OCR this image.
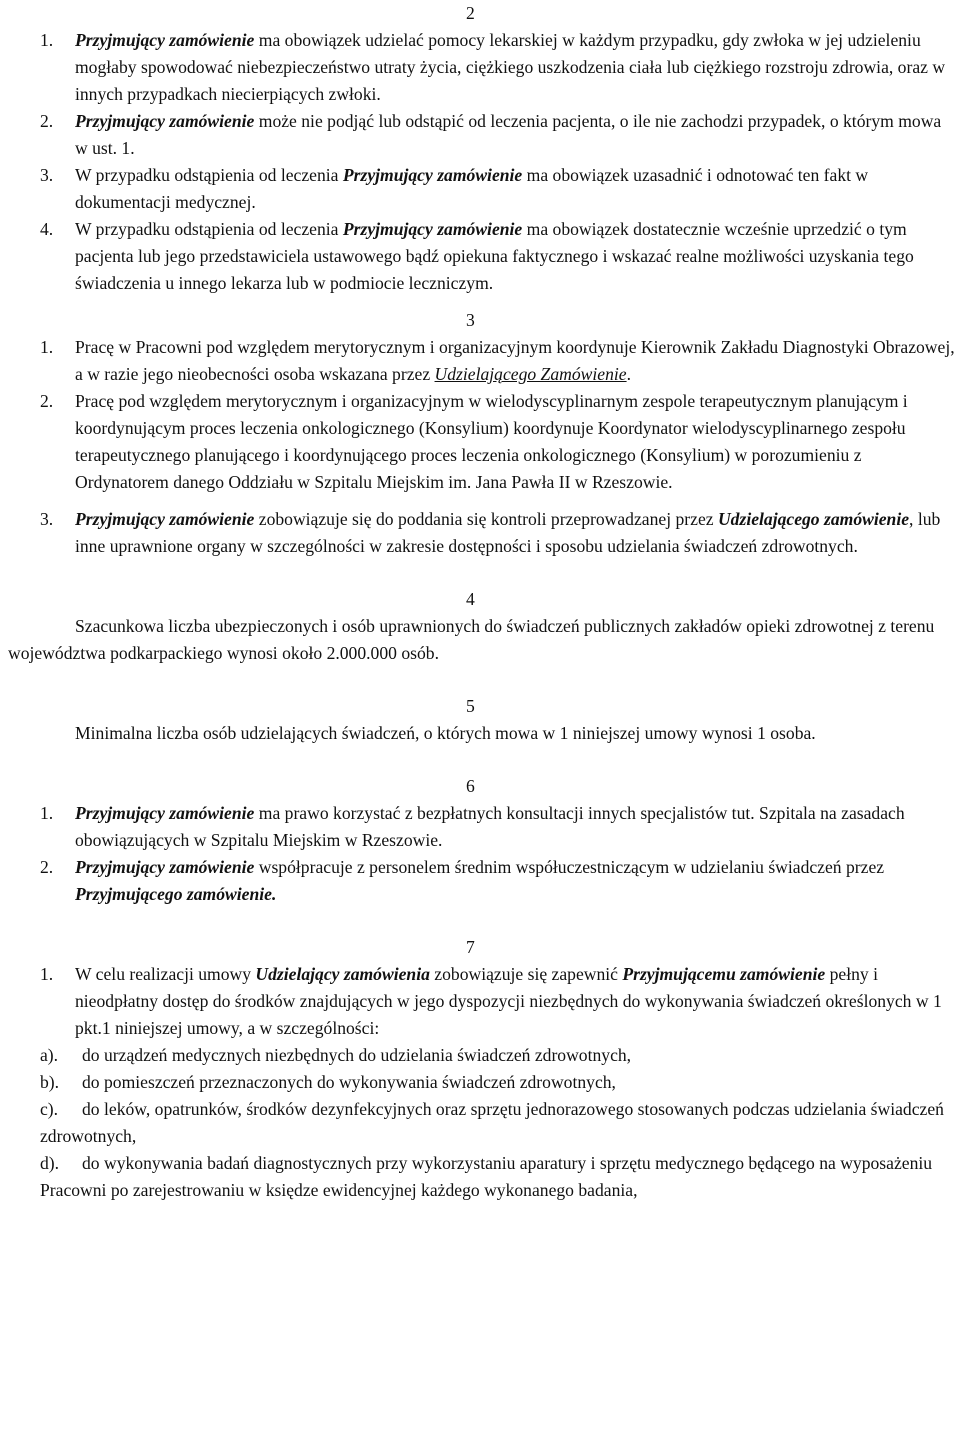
2
1. Przyjmujący zamówienie ma obowiązek udzielać pomocy lekarskiej w każdym przypadku, gdy zwłoka w jej udzieleniu mogłaby spowodować niebezpieczeństwo utraty życia, ciężkiego uszkodzenia ciała lub ciężkiego rozstroju zdrowia, oraz w innych przypadkach niecierpiących zwłoki.

2. Przyjmujący zamówienie może nie podjąć lub odstąpić od leczenia pacjenta, o ile nie zachodzi przypadek, o którym mowa w ust. 1.

3. W przypadku odstąpienia od leczenia Przyjmujący zamówienie ma obowiązek uzasadnić i odnotować ten fakt w dokumentacji medycznej.

4. W przypadku odstąpienia od leczenia Przyjmujący zamówienie ma obowiązek dostatecznie wcześnie uprzedzić o tym pacjenta lub jego przedstawiciela ustawowego bądź opiekuna faktycznego i wskazać realne możliwości uzyskania tego świadczenia u innego lekarza lub w podmiocie leczniczym.

3
1. Pracę w Pracowni pod względem merytorycznym i organizacyjnym koordynuje Kierownik Zakładu Diagnostyki Obrazowej, a w razie jego nieobecności osoba wskazana przez Udzielającego Zamówienie.

2. Pracę pod względem merytorycznym i organizacyjnym w wielodyscyplinarnym zespole terapeutycznym planującym i koordynującym proces leczenia onkologicznego (Konsylium) koordynuje Koordynator wielodyscyplinarnego zespołu terapeutycznego planującego i koordynującego proces leczenia onkologicznego (Konsylium) w porozumieniu z Ordynatorem danego Oddziału w Szpitalu Miejskim im. Jana Pawła II w Rzeszowie.

3. Przyjmujący zamówienie zobowiązuje się do poddania się kontroli przeprowadzanej przez Udzielającego zamówienie, lub inne uprawnione organy w szczególności w zakresie dostępności i sposobu udzielania świadczeń zdrowotnych.

4

Szacunkowa liczba ubezpieczonych i osób uprawnionych do świadczeń publicznych zakładów opieki zdrowotnej z terenu województwa podkarpackiego wynosi około 2.000.000 osób.

5

Minimalna liczba osób udzielających świadczeń, o których mowa w 1 niniejszej umowy wynosi 1 osoba.

6
1. Przyjmujący zamówienie ma prawo korzystać z bezpłatnych konsultacji innych specjalistów tut. Szpitala na zasadach obowiązujących w Szpitalu Miejskim w Rzeszowie.

2. Przyjmujący zamówienie współpracuje z personelem średnim współuczestniczącym w udzielaniu świadczeń przez Przyjmującego zamówienie.

7
1. W celu realizacji umowy Udzielający zamówienia zobowiązuje się zapewnić Przyjmującemu zamówienie pełny i nieodpłatny dostęp do środków znajdujących w jego dyspozycji niezbędnych do wykonywania świadczeń określonych w 1 pkt.1 niniejszej umowy, a w szczególności:

a). do urządzeń medycznych niezbędnych do udzielania świadczeń zdrowotnych,
b). do pomieszczeń przeznaczonych do wykonywania świadczeń zdrowotnych,
c). do leków, opatrunków, środków dezynfekcyjnych oraz sprzętu jednorazowego stosowanych podczas udzielania świadczeń zdrowotnych,
d). do wykonywania badań diagnostycznych przy wykorzystaniu aparatury i sprzętu medycznego będącego na wyposażeniu Pracowni po zarejestrowaniu w księdze ewidencyjnej każdego wykonanego badania,
